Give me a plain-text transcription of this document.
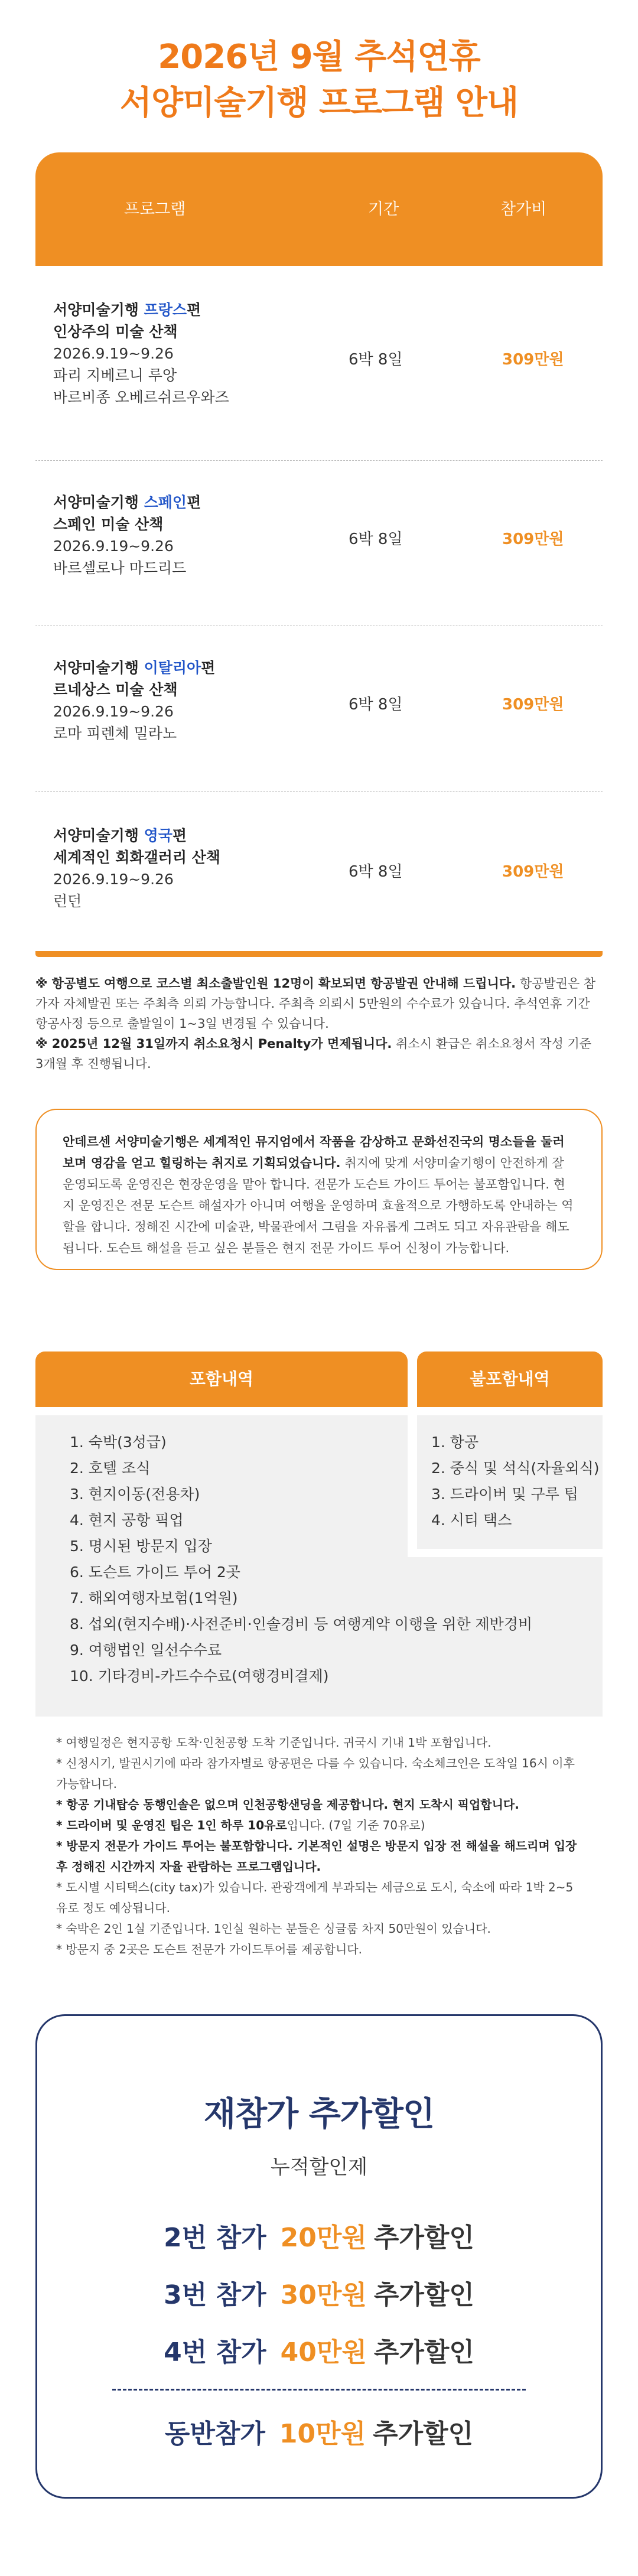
2026년 9월 추석연휴
서양미술기행 프로그램 안내
프로그램	기간	참가비
서양미술기행 프랑스편
인상주의 미술 산책
2026.9.19~9.26
파리 지베르니 루앙
바르비종 오베르쉬르우와즈
6박 8일	309만원
서양미술기행 스페인편
스페인 미술 산책
2026.9.19~9.26
바르셀로나 마드리드
6박 8일	309만원
서양미술기행 이탈리아편
르네상스 미술 산책
2026.9.19~9.26
로마 피렌체 밀라노
6박 8일	309만원
서양미술기행 영국편
세계적인 회화갤러리 산책
2026.9.19~9.26
런던
6박 8일	309만원
※ 항공별도 여행으로 코스별 최소출발인원 12명이 확보되면 항공발권 안내해 드립니다. 항공발권은 참가자 자체발권 또는 주최측 의뢰 가능합니다. 주최측 의뢰시 5만원의 수수료가 있습니다. 추석연휴 기간 항공사정 등으로 출발일이 1~3일 변경될 수 있습니다.
※ 2025년 12월 31일까지 취소요청시 Penalty가 면제됩니다. 취소시 환급은 취소요청서 작성 기준 3개월 후 진행됩니다.
안데르센 서양미술기행은 세계적인 뮤지엄에서 작품을 감상하고 문화선진국의 명소들을 둘러보며 영감을 얻고 힐링하는 취지로 기획되었습니다. 취지에 맞게 서양미술기행이 안전하게 잘 운영되도록 운영진은 현장운영을 맡아 합니다. 전문가 도슨트 가이드 투어는 불포함입니다. 현지 운영진은 전문 도슨트 해설자가 아니며 여행을 운영하며 효율적으로 가행하도록 안내하는 역할을 합니다. 정해진 시간에 미술관, 박물관에서 그림을 자유롭게 그려도 되고 자유관람을 해도 됩니다. 도슨트 해설을 듣고 싶은 분들은 현지 전문 가이드 투어 신청이 가능합니다.
포함내역	불포함내역
1. 숙박(3성급)
2. 호텔 조식
3. 현지이동(전용차)
4. 현지 공항 픽업
5. 명시된 방문지 입장
6. 도슨트 가이드 투어 2곳
7. 해외여행자보험(1억원)
8. 섭외(현지수배)·사전준비·인솔경비 등 여행계약 이행을 위한 제반경비
9. 여행법인 일선수수료
10. 기타경비-카드수수료(여행경비결제)
1. 항공
2. 중식 및 석식(자율외식)
3. 드라이버 및 구루 팁
4. 시티 택스
* 여행일정은 현지공항 도착·인천공항 도착 기준입니다. 귀국시 기내 1박 포함입니다.
* 신청시기, 발권시기에 따라 참가자별로 항공편은 다를 수 있습니다. 숙소체크인은 도착일 16시 이후 가능합니다.
* 항공 기내탑승 동행인솔은 없으며 인천공항샌딩을 제공합니다. 현지 도착시 픽업합니다.
* 드라이버 및 운영진 팁은 1인 하루 10유로입니다. (7일 기준 70유로)
* 방문지 전문가 가이드 투어는 불포함합니다. 기본적인 설명은 방문지 입장 전 해설을 해드리며 입장 후 정해진 시간까지 자율 관람하는 프로그램입니다.
* 도시별 시티택스(city tax)가 있습니다. 관광객에게 부과되는 세금으로 도시, 숙소에 따라 1박 2~5유로 정도 예상됩니다.
* 숙박은 2인 1실 기준입니다. 1인실 원하는 분들은 싱글룸 차지 50만원이 있습니다.
* 방문지 중 2곳은 도슨트 전문가 가이드투어를 제공합니다.
재참가 추가할인
누적할인제
2번 참가 20만원 추가할인
3번 참가 30만원 추가할인
4번 참가 40만원 추가할인
동반참가 10만원 추가할인
